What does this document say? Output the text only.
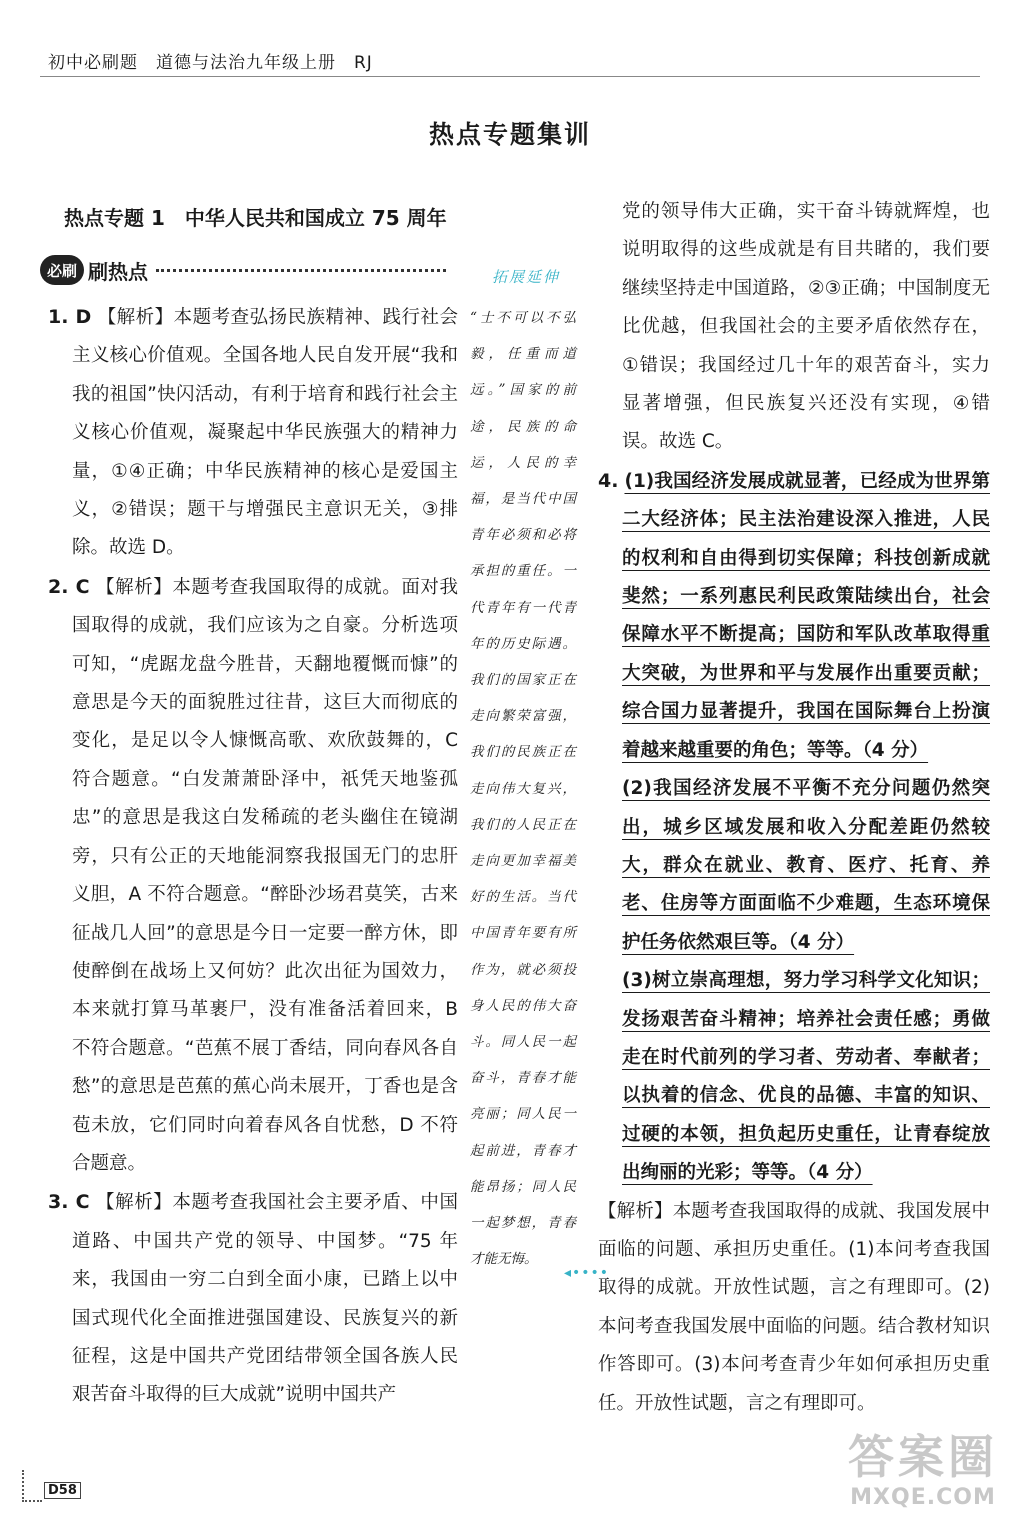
初中必刷题　道德与法治九年级上册　RJ
热点专题集训
热点专题 1　中华人民共和国成立 75 周年
必刷 刷热点	拓展延伸

1. D 【解析】本题考查弘扬民族精神、践行社会主义核心价值观。全国各地人民自发开展“我和我的祖国”快闪活动，有利于培育和践行社会主义核心价值观，凝聚起中华民族强大的精神力量，①④正确；中华民族精神的核心是爱国主义，②错误；题干与增强民主意识无关，③排除。故选 D。

2. C 【解析】本题考查我国取得的成就。面对我国取得的成就，我们应该为之自豪。分析选项可知，“虎踞龙盘今胜昔，天翻地覆慨而慷”的意思是今天的面貌胜过往昔，这巨大而彻底的变化，是足以令人慷慨高歌、欢欣鼓舞的，C 符合题意。“白发萧萧卧泽中，祇凭天地鉴孤忠”的意思是我这白发稀疏的老头幽住在镜湖旁，只有公正的天地能洞察我报国无门的忠肝义胆，A 不符合题意。“醉卧沙场君莫笑，古来征战几人回”的意思是今日一定要一醉方休，即使醉倒在战场上又何妨？此次出征为国效力，本来就打算马革裹尸，没有准备活着回来，B 不符合题意。“芭蕉不展丁香结，同向春风各自愁”的意思是芭蕉的蕉心尚未展开，丁香也是含苞未放，它们同时向着春风各自忧愁，D 不符合题意。

3. C 【解析】本题考查我国社会主要矛盾、中国道路、中国共产党的领导、中国梦。“75 年来，我国由一穷二白到全面小康，已踏上以中国式现代化全面推进强国建设、民族复兴的新征程，这是中国共产党团结带领全国各族人民艰苦奋斗取得的巨大成就”说明中国共产

“士不可以不弘毅，任重而道远。”国家的前途，民族的命运，人民的幸福，是当代中国青年必须和必将承担的重任。一代青年有一代青年的历史际遇。我们的国家正在走向繁荣富强，我们的民族正在走向伟大复兴，我们的人民正在走向更加幸福美好的生活。当代中国青年要有所作为，就必须投身人民的伟大奋斗。同人民一起奋斗，青春才能亮丽；同人民一起前进，青春才能昂扬；同人民一起梦想，青春才能无悔。
◂••••

党的领导伟大正确，实干奋斗铸就辉煌，也说明取得的这些成就是有目共睹的，我们要继续坚持走中国道路，②③正确；中国制度无比优越，但我国社会的主要矛盾依然存在，①错误；我国经过几十年的艰苦奋斗，实力显著增强，但民族复兴还没有实现，④错误。故选 C。

4. (1)我国经济发展成就显著，已经成为世界第二大经济体；民主法治建设深入推进，人民的权利和自由得到切实保障；科技创新成就斐然；一系列惠民利民政策陆续出台，社会保障水平不断提高；国防和军队改革取得重大突破，为世界和平与发展作出重要贡献；综合国力显著提升，我国在国际舞台上扮演着越来越重要的角色；等等。（4 分）

(2)我国经济发展不平衡不充分问题仍然突出，城乡区域发展和收入分配差距仍然较大，群众在就业、教育、医疗、托育、养老、住房等方面面临不少难题，生态环境保护任务依然艰巨等。（4 分）

(3)树立崇高理想，努力学习科学文化知识；发扬艰苦奋斗精神；培养社会责任感；勇做走在时代前列的学习者、劳动者、奉献者；以执着的信念、优良的品德、丰富的知识、过硬的本领，担负起历史重任，让青春绽放出绚丽的光彩；等等。（4 分）

【解析】本题考查我国取得的成就、我国发展中面临的问题、承担历史重任。(1)本问考查我国取得的成就。开放性试题，言之有理即可。(2)本问考查我国发展中面临的问题。结合教材知识作答即可。(3)本问考查青少年如何承担历史重任。开放性试题，言之有理即可。

D58
答案圈
MXQE.COM
